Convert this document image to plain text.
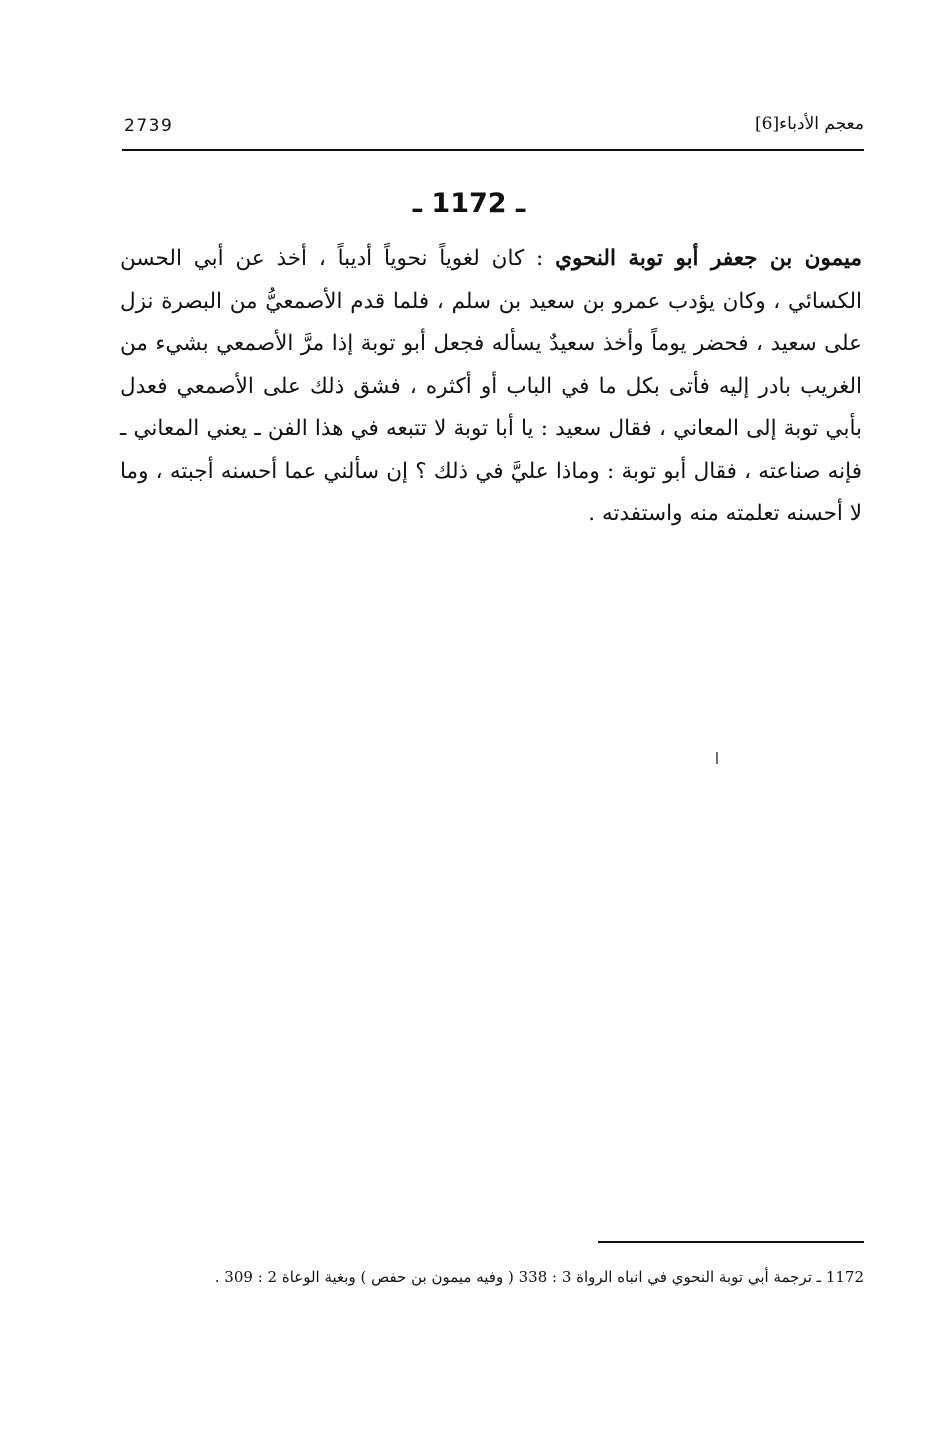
2739	معجم الأدباء[6]
ـ 1172 ـ
ميمون بن جعفر أبو توبة النحوي : كان لغوياً نحوياً أديباً ، أخذ عن أبي الحسن الكسائي ، وكان يؤدب عمرو بن سعيد بن سلم ، فلما قدم الأصمعيُّ من البصرة نزل على سعيد ، فحضر يوماً وأخذ سعيدٌ يسأله فجعل أبو توبة إذا مرَّ الأصمعي بشيء من الغريب بادر إليه فأتى بكل ما في الباب أو أكثره ، فشق ذلك على الأصمعي فعدل بأبي توبة إلى المعاني ، فقال سعيد : يا أبا توبة لا تتبعه في هذا الفن ـ يعني المعاني ـ فإنه صناعته ، فقال أبو توبة : وماذا عليَّ في ذلك ؟ إن سألني عما أحسنه أجبته ، وما لا أحسنه تعلمته منه واستفدته .
1172 ـ ترجمة أبي توبة النحوي في انباه الرواة 3 : 338 ( وفيه ميمون بن حفص ) وبغية الوعاة 2 : 309 .
